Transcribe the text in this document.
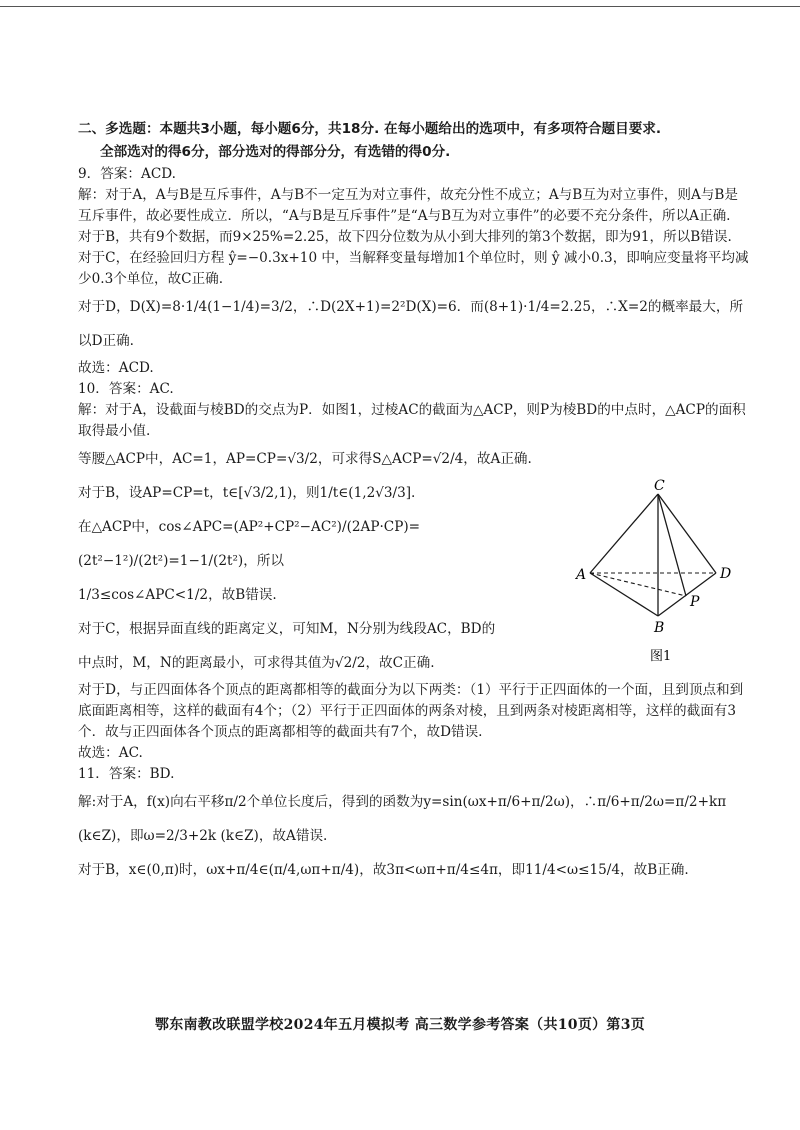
二、多选题：本题共3小题，每小题6分，共18分. 在每小题给出的选项中，有多项符合题目要求.

全部选对的得6分，部分选对的得部分分，有选错的得0分.

9．答案：ACD.

解：对于A，A与B是互斥事件，A与B不一定互为对立事件，故充分性不成立；A与B互为对立事件，则A与B是互斥事件，故必要性成立．所以，“A与B是互斥事件”是“A与B互为对立事件”的必要不充分条件，所以A正确.

对于B，共有9个数据，而9×25%=2.25，故下四分位数为从小到大排列的第3个数据，即为91，所以B错误.

对于C，在经验回归方程 ŷ=−0.3x+10 中，当解释变量每增加1个单位时，则 ŷ 减小0.3，即响应变量将平均减少0.3个单位，故C正确.

对于D，D(X)=8·1/4(1−1/4)=3/2，∴D(2X+1)=2²D(X)=6．而(8+1)·1/4=2.25，∴X=2的概率最大，所以D正确.

故选：ACD.

10．答案：AC.

解：对于A，设截面与棱BD的交点为P．如图1，过棱AC的截面为△ACP，则P为棱BD的中点时，△ACP的面积取得最小值.

等腰△ACP中，AC=1，AP=CP=√3/2，可求得S△ACP=√2/4，故A正确.

对于B，设AP=CP=t，t∈[√3/2,1)，则1/t∈(1,2√3/3].

在△ACP中，cos∠APC=(AP²+CP²−AC²)/(2AP·CP)=(2t²−1²)/(2t²)=1−1/(2t²)，所以

1/3≤cos∠APC<1/2，故B错误.

对于C，根据异面直线的距离定义，可知M，N分别为线段AC，BD的

中点时，M，N的距离最小，可求得其值为√2/2，故C正确.

对于D，与正四面体各个顶点的距离都相等的截面分为以下两类：（1）平行于正四面体的一个面，且到顶点和到底面距离相等，这样的截面有4个；（2）平行于正四面体的两条对棱，且到两条对棱距离相等，这样的截面有3个．故与正四面体各个顶点的距离都相等的截面共有7个，故D错误.

故选：AC.

11．答案：BD.

解:对于A，f(x)向右平移π/2个单位长度后，得到的函数为y=sin(ωx+π/6+π/2ω)，∴π/6+π/2ω=π/2+kπ

(k∈Z)，即ω=2/3+2k (k∈Z)，故A错误.

对于B，x∈(0,π)时，ωx+π/4∈(π/4,ωπ+π/4)，故3π<ωπ+π/4≤4π，即11/4<ω≤15/4，故B正确.

C
A	D
P
B
图1
鄂东南教改联盟学校2024年五月模拟考 高三数学参考答案（共10页）第3页
